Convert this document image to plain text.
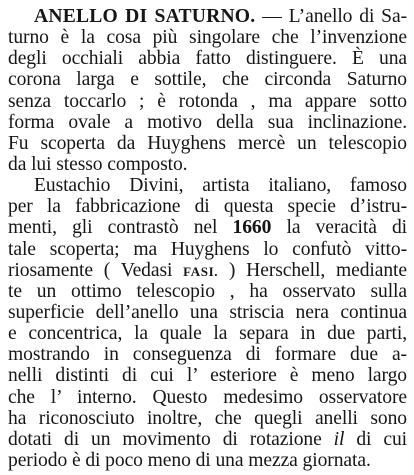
ANELLO DI SATURNO. — L’anello di Sa-
turno è la cosa più singolare che l’invenzione
degli occhiali abbia fatto distinguere. È una
corona larga e sottile, che circonda Saturno
senza toccarlo ; è rotonda , ma appare sotto
forma ovale a motivo della sua inclinazione.
Fu scoperta da Huyghens mercè un telescopio
da lui stesso composto.
Eustachio Divini, artista italiano, famoso
per la fabbricazione di questa specie d’istru-
menti, gli contrastò nel 1660 la veracità di
tale scoperta; ma Huyghens lo confutò vitto-
riosamente ( Vedasi FASI. ) Herschell, mediante
te un ottimo telescopio , ha osservato sulla
superficie dell’anello una striscia nera continua
e concentrica, la quale la separa in due parti,
mostrando in conseguenza di formare due a-
nelli distinti di cui l’ esteriore è meno largo
che l’ interno. Questo medesimo osservatore
ha riconosciuto inoltre, che quegli anelli sono
dotati di un movimento di rotazione il di cui
periodo è di poco meno di una mezza giornata.
